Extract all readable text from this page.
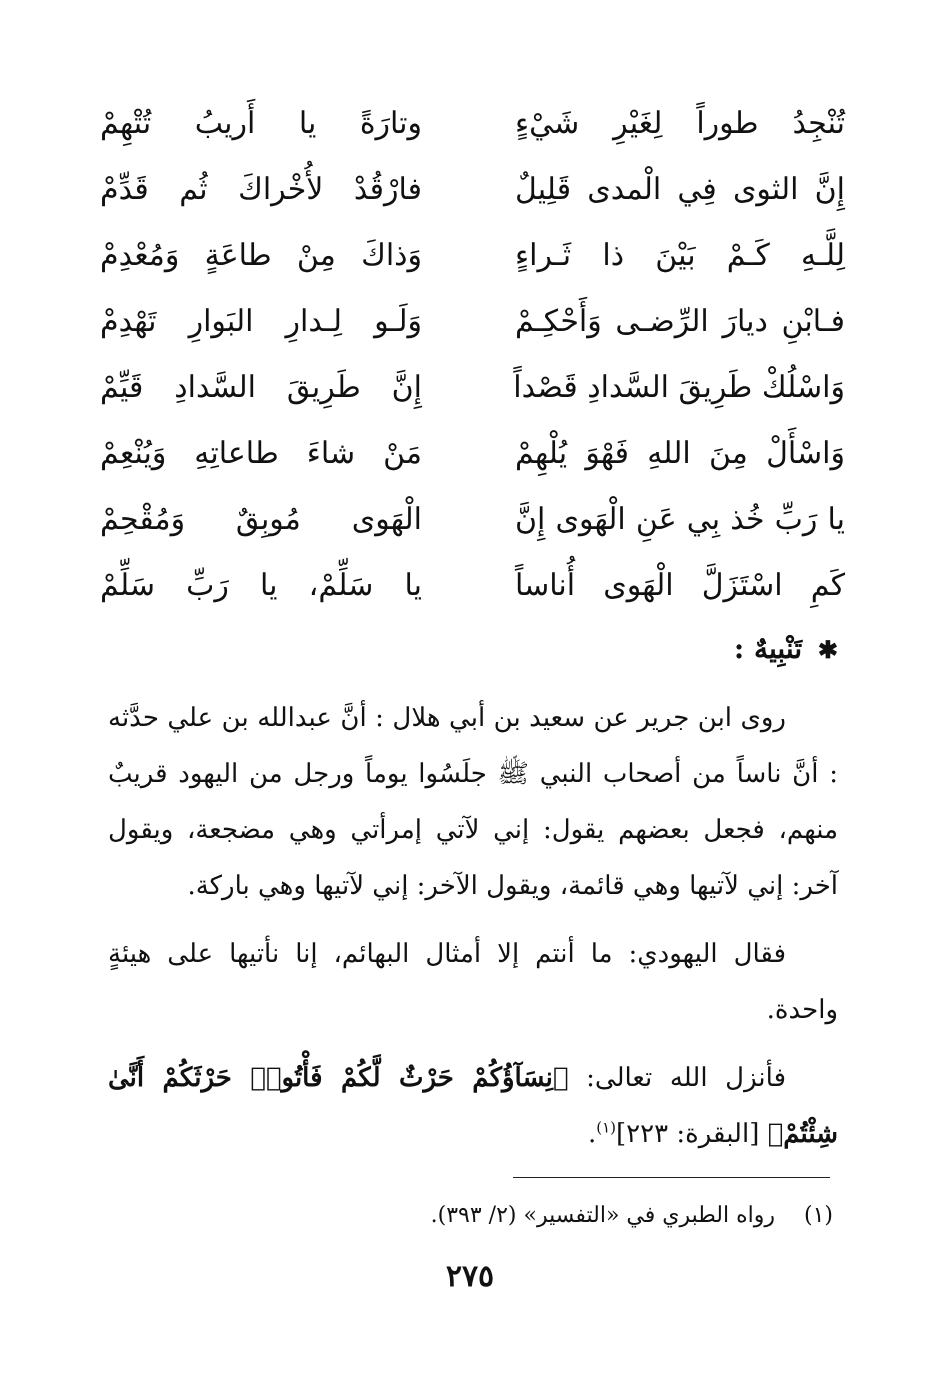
تُنْجِدُ طوراً لِغَيْرِ شَيْءٍ
وتارَةً يا أَريبُ تُتْهِمْ
إِنَّ الثوى فِي الْمدى قَلِيلٌ
فارْقُدْ لأُخْراكَ ثُم قَدِّمْ
لِلَّـهِ كَـمْ بَيْنَ ذا ثَـراءٍ
وَذاكَ مِنْ طاعَةٍ وَمُعْدِمْ
فـابْنِ ديارَ الرِّضـى وَأَحْكِـمْ
وَلَـو لِـدارِ البَوارِ تَهْدِمْ
وَاسْلُكْ طَرِيقَ السَّدادِ قَصْداً
إِنَّ طَرِيقَ السَّدادِ قَيِّمْ
وَاسْأَلْ مِنَ اللهِ فَهْوَ يُلْهِمْ
مَنْ شاءَ طاعاتِهِ وَيُنْعِمْ
يا رَبِّ خُذ بِي عَنِ الْهَوى إِنَّ
الْهَوى مُوبِقٌ وَمُقْحِمْ
كَمِ اسْتَزَلَّ الْهَوى أُناساً
يا سَلِّمْ، يا رَبِّ سَلِّمْ
✱ تَنْبِيهٌ :

روى ابن جرير عن سعيد بن أبي هلال : أنَّ عبدالله بن علي حدَّثه : أنَّ ناساً من أصحاب النبي ﷺ جلَسُوا يوماً ورجل من اليهود قريبٌ منهم، فجعل بعضهم يقول: إني لآتي إمرأتي وهي مضجعة، ويقول آخر: إني لآتيها وهي قائمة، ويقول الآخر: إني لآتيها وهي باركة.

فقال اليهودي: ما أنتم إلا أمثال البهائم، إنا نأتيها على هيئةٍ واحدة.

فأنزل الله تعالى: ﴿نِسَآؤُكُمْ حَرْثٌ لَّكُمْ فَأْتُوا۟ حَرْثَكُمْ أَنَّىٰ شِئْتُمْ﴾ [البقرة: ٢٢٣]$^{(١)}$.

(١) رواه الطبري في «التفسير» (٢/ ٣٩٣).
٢٧٥
